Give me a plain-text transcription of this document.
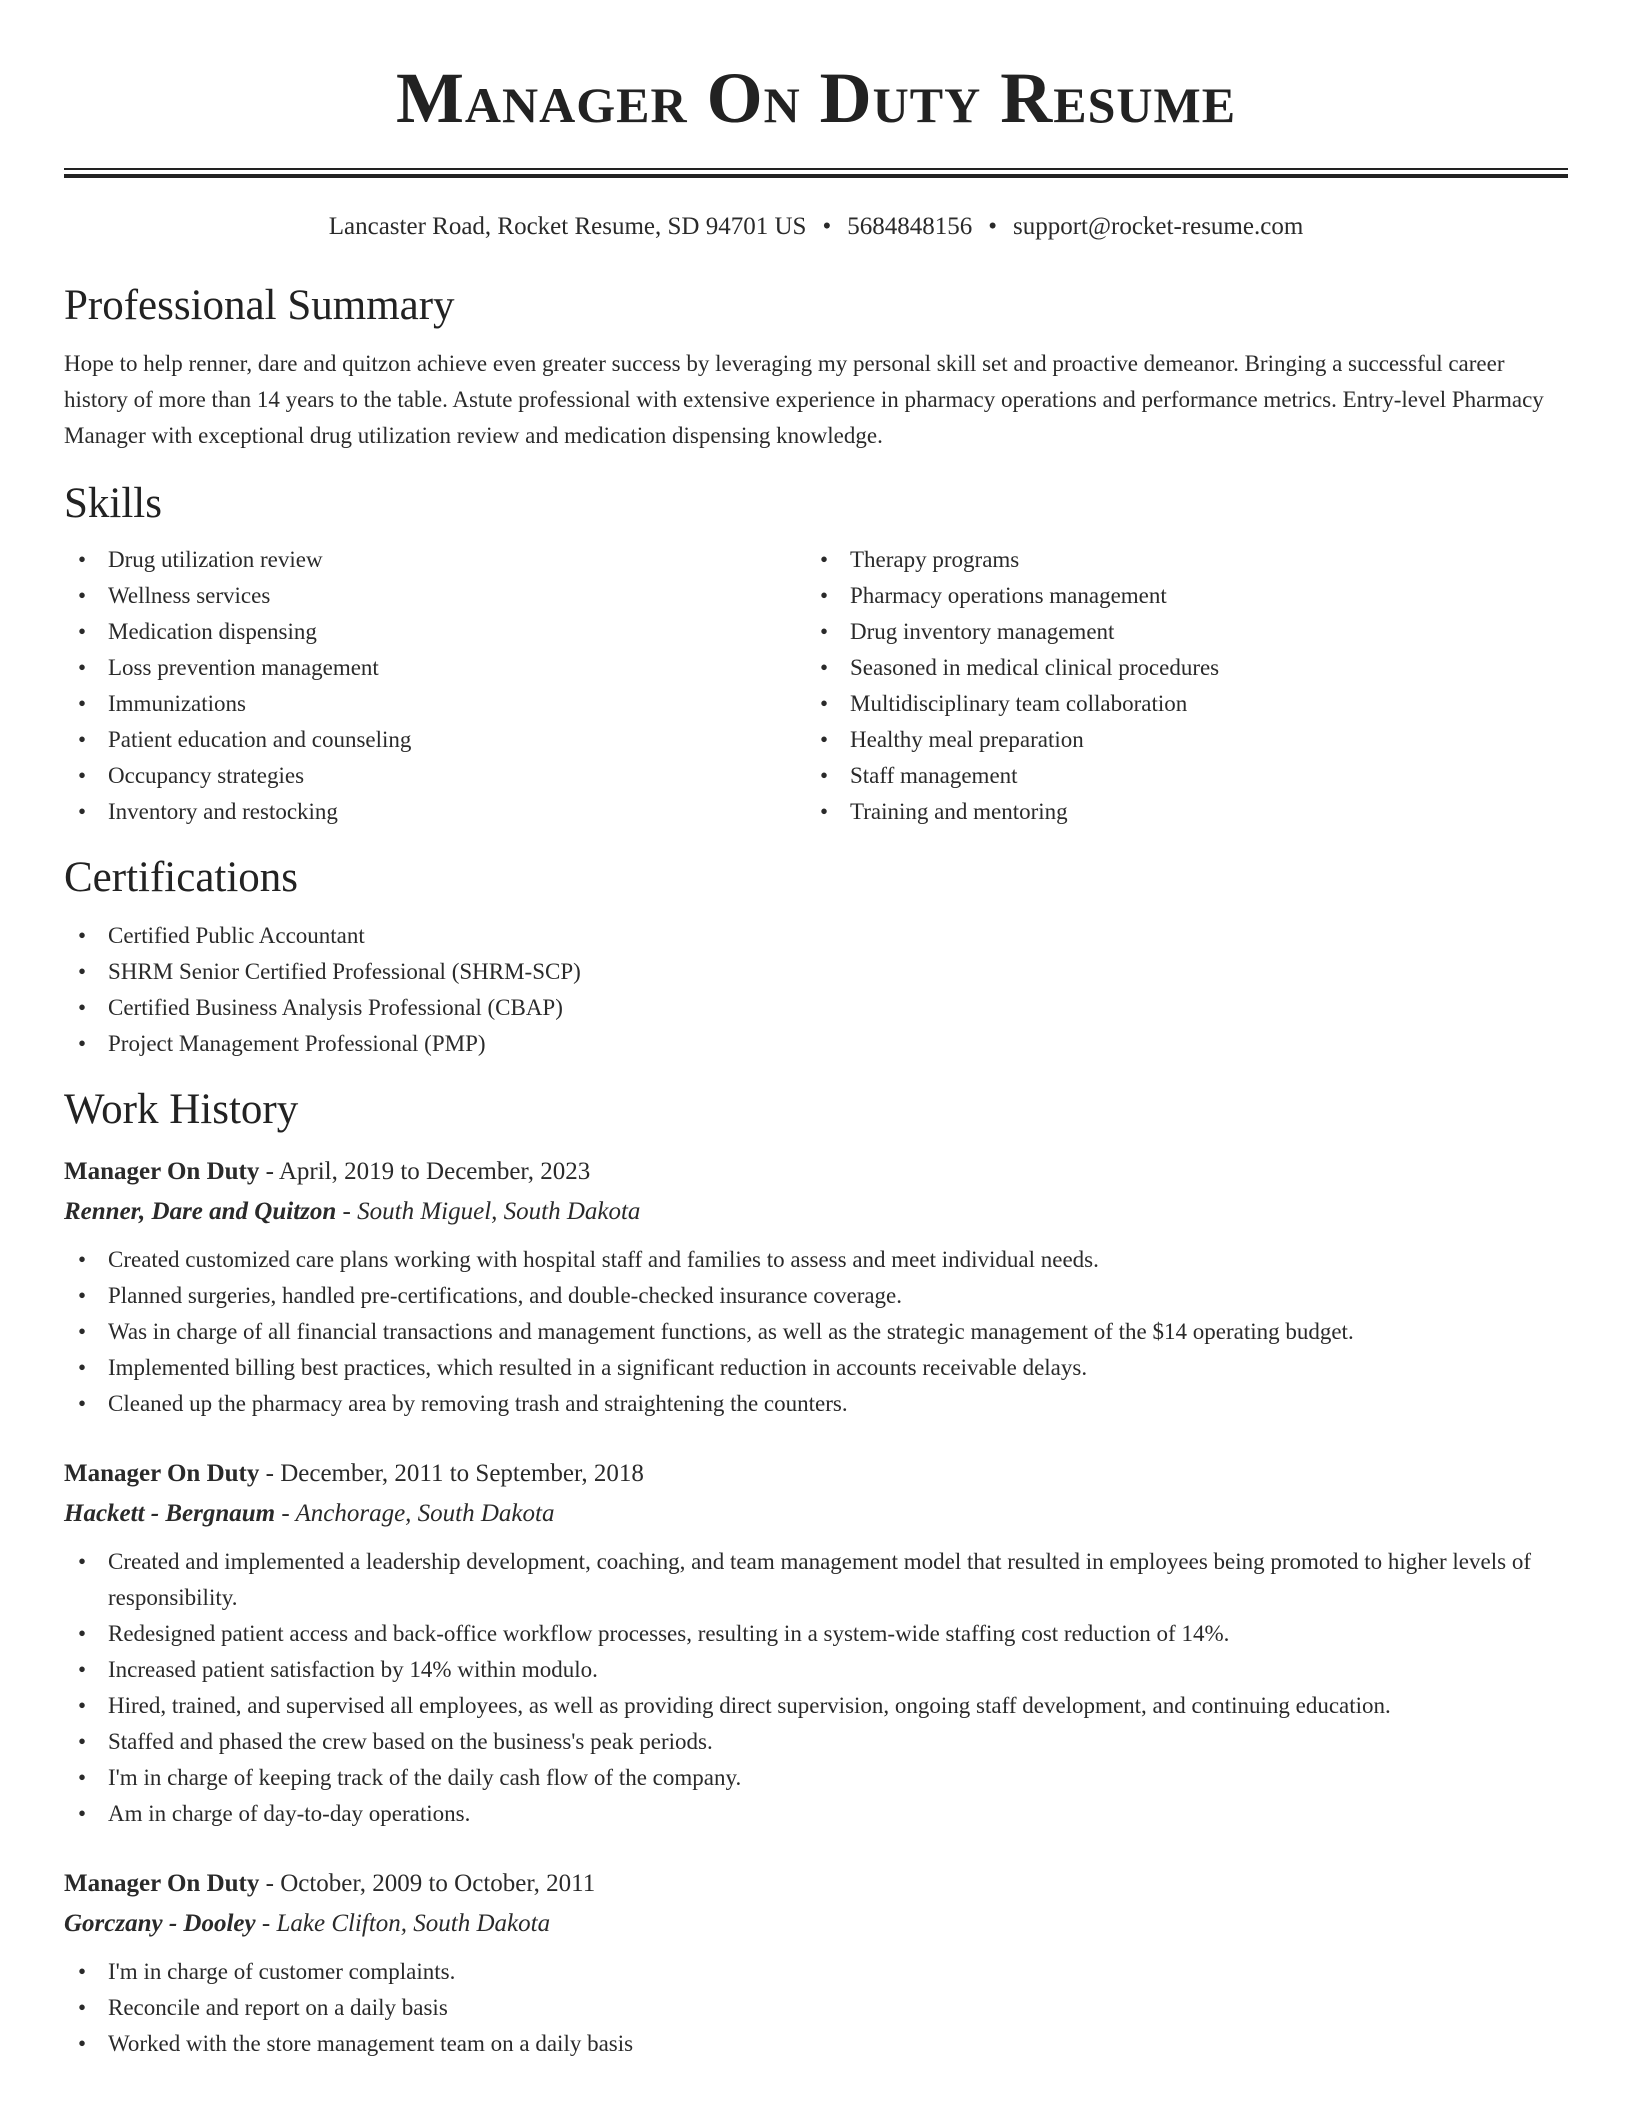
Manager On Duty Resume
Lancaster Road, Rocket Resume, SD 94701 US • 5684848156 • support@rocket-resume.com
Professional Summary

Hope to help renner, dare and quitzon achieve even greater success by leveraging my personal skill set and proactive demeanor. Bringing a successful career history of more than 14 years to the table. Astute professional with extensive experience in pharmacy operations and performance metrics. Entry-level Pharmacy Manager with exceptional drug utilization review and medication dispensing knowledge.

Skills
• Drug utilization review
• Wellness services
• Medication dispensing
• Loss prevention management
• Immunizations
• Patient education and counseling
• Occupancy strategies
• Inventory and restocking
• Therapy programs
• Pharmacy operations management
• Drug inventory management
• Seasoned in medical clinical procedures
• Multidisciplinary team collaboration
• Healthy meal preparation
• Staff management
• Training and mentoring
Certifications
• Certified Public Accountant
• SHRM Senior Certified Professional (SHRM-SCP)
• Certified Business Analysis Professional (CBAP)
• Project Management Professional (PMP)
Work History
Manager On Duty - April, 2019 to December, 2023
Renner, Dare and Quitzon - South Miguel, South Dakota
• Created customized care plans working with hospital staff and families to assess and meet individual needs.
• Planned surgeries, handled pre-certifications, and double-checked insurance coverage.
• Was in charge of all financial transactions and management functions, as well as the strategic management of the $14 operating budget.
• Implemented billing best practices, which resulted in a significant reduction in accounts receivable delays.
• Cleaned up the pharmacy area by removing trash and straightening the counters.
Manager On Duty - December, 2011 to September, 2018
Hackett - Bergnaum - Anchorage, South Dakota
• Created and implemented a leadership development, coaching, and team management model that resulted in employees being promoted to higher levels of responsibility.
• Redesigned patient access and back-office workflow processes, resulting in a system-wide staffing cost reduction of 14%.
• Increased patient satisfaction by 14% within modulo.
• Hired, trained, and supervised all employees, as well as providing direct supervision, ongoing staff development, and continuing education.
• Staffed and phased the crew based on the business's peak periods.
• I'm in charge of keeping track of the daily cash flow of the company.
• Am in charge of day-to-day operations.
Manager On Duty - October, 2009 to October, 2011
Gorczany - Dooley - Lake Clifton, South Dakota
• I'm in charge of customer complaints.
• Reconcile and report on a daily basis
• Worked with the store management team on a daily basis
